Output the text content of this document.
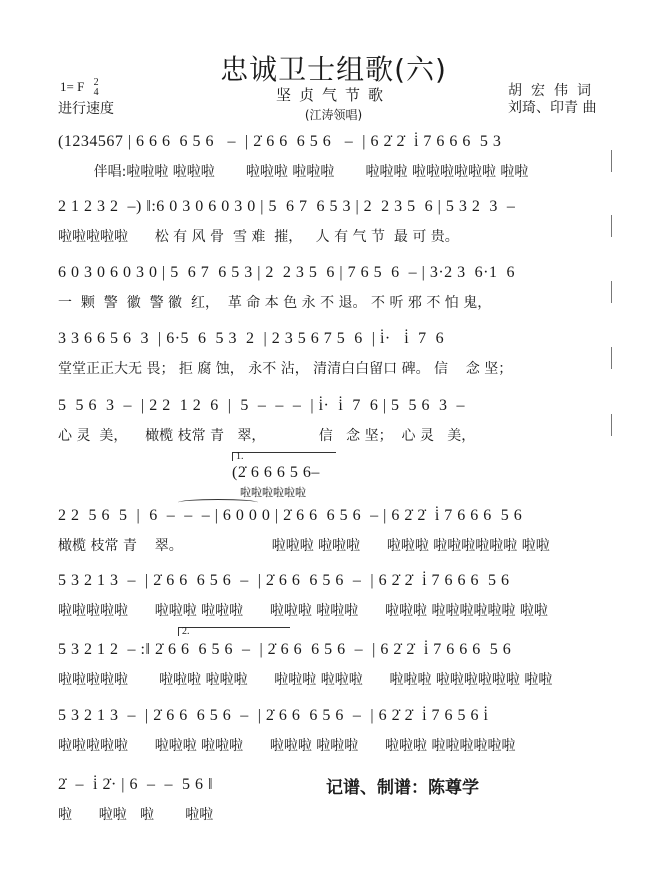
忠诚卫士组歌(六)
坚贞气节歌
(江涛领唱)
1= F 2
4
进行速度
胡宏伟词
刘琦、印青 曲
(1234567 | 6 6 6  6 5 6   –  | 2̇ 6 6  6 5 6   –  | 6 2̇ 2̇  i̇ 7 6 6 6  5 3
伴唱:啦啦啦 啦啦啦       啦啦啦 啦啦啦       啦啦啦 啦啦啦啦啦啦 啦啦
2 1 2 3 2  –) ‖:6 0 3 0 6 0 3 0 | 5  6 7  6 5 3 | 2  2 3 5  6 | 5 3 2  3  –
啦啦啦啦啦      松 有 风 骨  雪 难  摧，   人 有 气 节  最 可 贵。
6 0 3 0 6 0 3 0 | 5  6 7  6 5 3 | 2  2 3 5  6 | 7 6 5  6  – | 3·2 3  6·1  6
一  颗  警  徽  警 徽  红，  革 命 本 色 永 不 退。 不 听 邪 不 怕 鬼，
3 3 6 6 5 6  3  | 6·5  6  5 3  2  | 2 3 5 6 7 5  6  | i̇·   i̇  7  6
堂堂正正大无 畏； 拒 腐 蚀， 永不 沾， 清清白白留口 碑。 信    念 坚；
5  5 6  3  –  | 2 2  1 2  6  |  5  –  –  –  | i̇·  i̇  7  6 | 5  5 6  3  –
心 灵  美，    橄榄 枝常 青   翠，            信   念 坚；  心 灵   美，
1.
(2̇ 6 6 6 5 6–
啦啦啦啦啦啦
2 2  5 6  5  |  6  –  –  – | 6 0 0 0 | 2̇ 6 6  6 5 6  – | 6 2̇ 2̇  i̇ 7 6 6 6  5 6
橄榄 枝常 青    翠。                    啦啦啦 啦啦啦      啦啦啦 啦啦啦啦啦啦 啦啦
5 3 2 1 3  –  | 2̇ 6 6  6 5 6  –  | 2̇ 6 6  6 5 6  –  | 6 2̇ 2̇  i̇ 7 6 6 6  5 6
啦啦啦啦啦      啦啦啦 啦啦啦      啦啦啦 啦啦啦      啦啦啦 啦啦啦啦啦啦 啦啦
2.
5 3 2 1 2  – :‖ 2̇ 6 6  6 5 6  –  | 2̇ 6 6  6 5 6  –  | 6 2̇ 2̇  i̇ 7 6 6 6  5 6
啦啦啦啦啦       啦啦啦 啦啦啦      啦啦啦 啦啦啦      啦啦啦 啦啦啦啦啦啦 啦啦
5 3 2 1 3  –  | 2̇ 6 6  6 5 6  –  | 2̇ 6 6  6 5 6  –  | 6 2̇ 2̇  i̇ 7 6 5 6 i̇
啦啦啦啦啦      啦啦啦 啦啦啦      啦啦啦 啦啦啦      啦啦啦 啦啦啦啦啦啦
2̇  –  i̇ 2̇· | 6  –  –  5 6 ‖
啦      啦啦   啦       啦啦
记谱、制谱：陈尊学
